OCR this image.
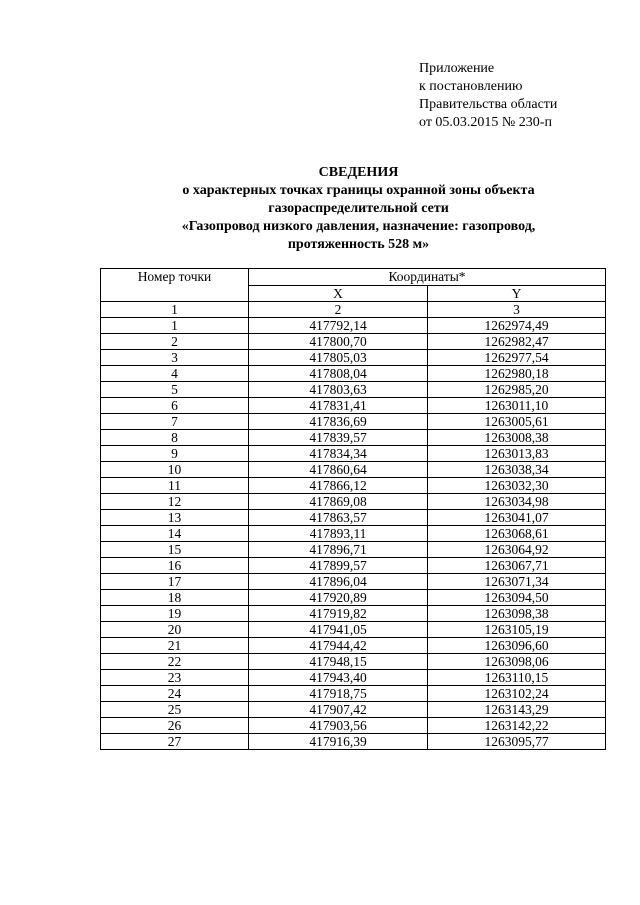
Приложение
к постановлению
Правительства области
от 05.03.2015 № 230-п
СВЕДЕНИЯ
о характерных точках границы охранной зоны объекта
газораспределительной сети
«Газопровод низкого давления, назначение: газопровод,
протяженность 528 м»
Номер точки	Координаты*	
	X	Y
1	2	3
1	417792,14	1262974,49
2	417800,70	1262982,47
3	417805,03	1262977,54
4	417808,04	1262980,18
5	417803,63	1262985,20
6	417831,41	1263011,10
7	417836,69	1263005,61
8	417839,57	1263008,38
9	417834,34	1263013,83
10	417860,64	1263038,34
11	417866,12	1263032,30
12	417869,08	1263034,98
13	417863,57	1263041,07
14	417893,11	1263068,61
15	417896,71	1263064,92
16	417899,57	1263067,71
17	417896,04	1263071,34
18	417920,89	1263094,50
19	417919,82	1263098,38
20	417941,05	1263105,19
21	417944,42	1263096,60
22	417948,15	1263098,06
23	417943,40	1263110,15
24	417918,75	1263102,24
25	417907,42	1263143,29
26	417903,56	1263142,22
27	417916,39	1263095,77
